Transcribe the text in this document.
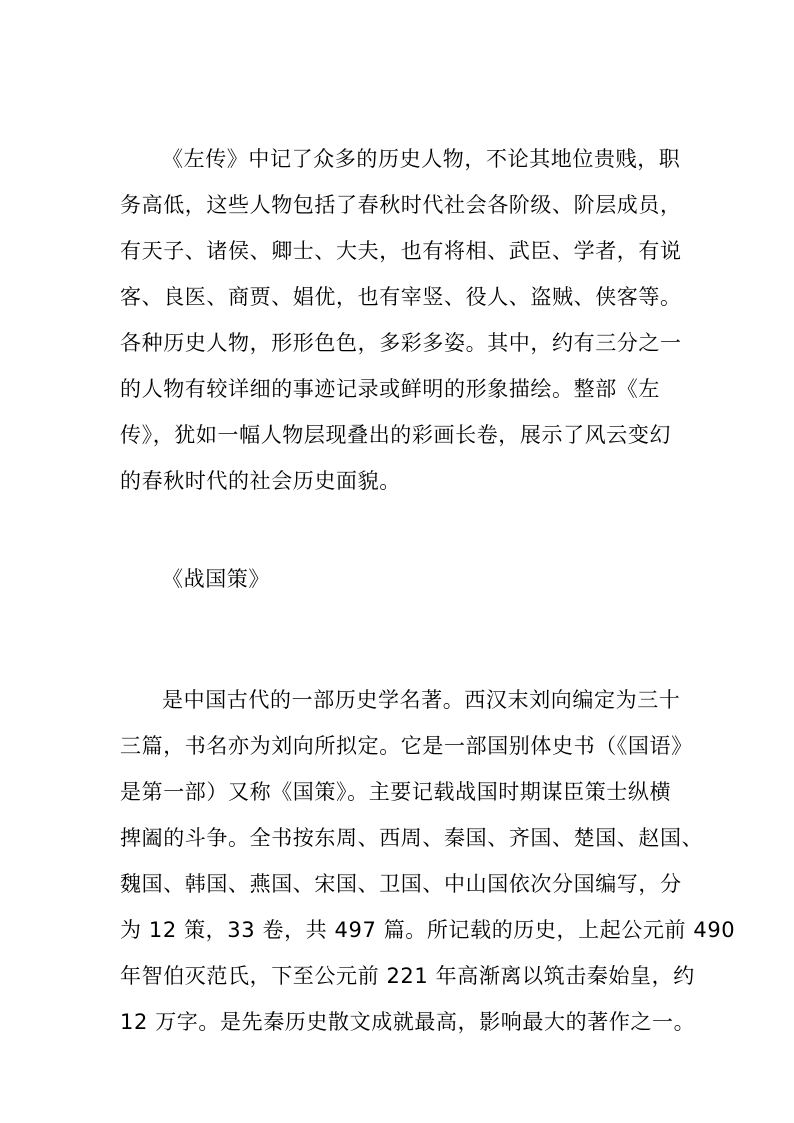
《左传》中记了众多的历史人物，不论其地位贵贱，职

务高低，这些人物包括了春秋时代社会各阶级、阶层成员，

有天子、诸侯、卿士、大夫，也有将相、武臣、学者，有说

客、良医、商贾、娼优，也有宰竖、役人、盗贼、侠客等。

各种历史人物，形形色色，多彩多姿。其中，约有三分之一

的人物有较详细的事迹记录或鲜明的形象描绘。整部《左

传》，犹如一幅人物层现叠出的彩画长卷，展示了风云变幻

的春秋时代的社会历史面貌。

《战国策》

是中国古代的一部历史学名著。西汉末刘向编定为三十

三篇，书名亦为刘向所拟定。它是一部国别体史书（《国语》

是第一部）又称《国策》。主要记载战国时期谋臣策士纵横

捭阖的斗争。全书按东周、西周、秦国、齐国、楚国、赵国、

魏国、韩国、燕国、宋国、卫国、中山国依次分国编写，分

为 12 策，33 卷，共 497 篇。所记载的历史，上起公元前 490

年智伯灭范氏，下至公元前 221 年高渐离以筑击秦始皇，约

12 万字。是先秦历史散文成就最高，影响最大的著作之一。
